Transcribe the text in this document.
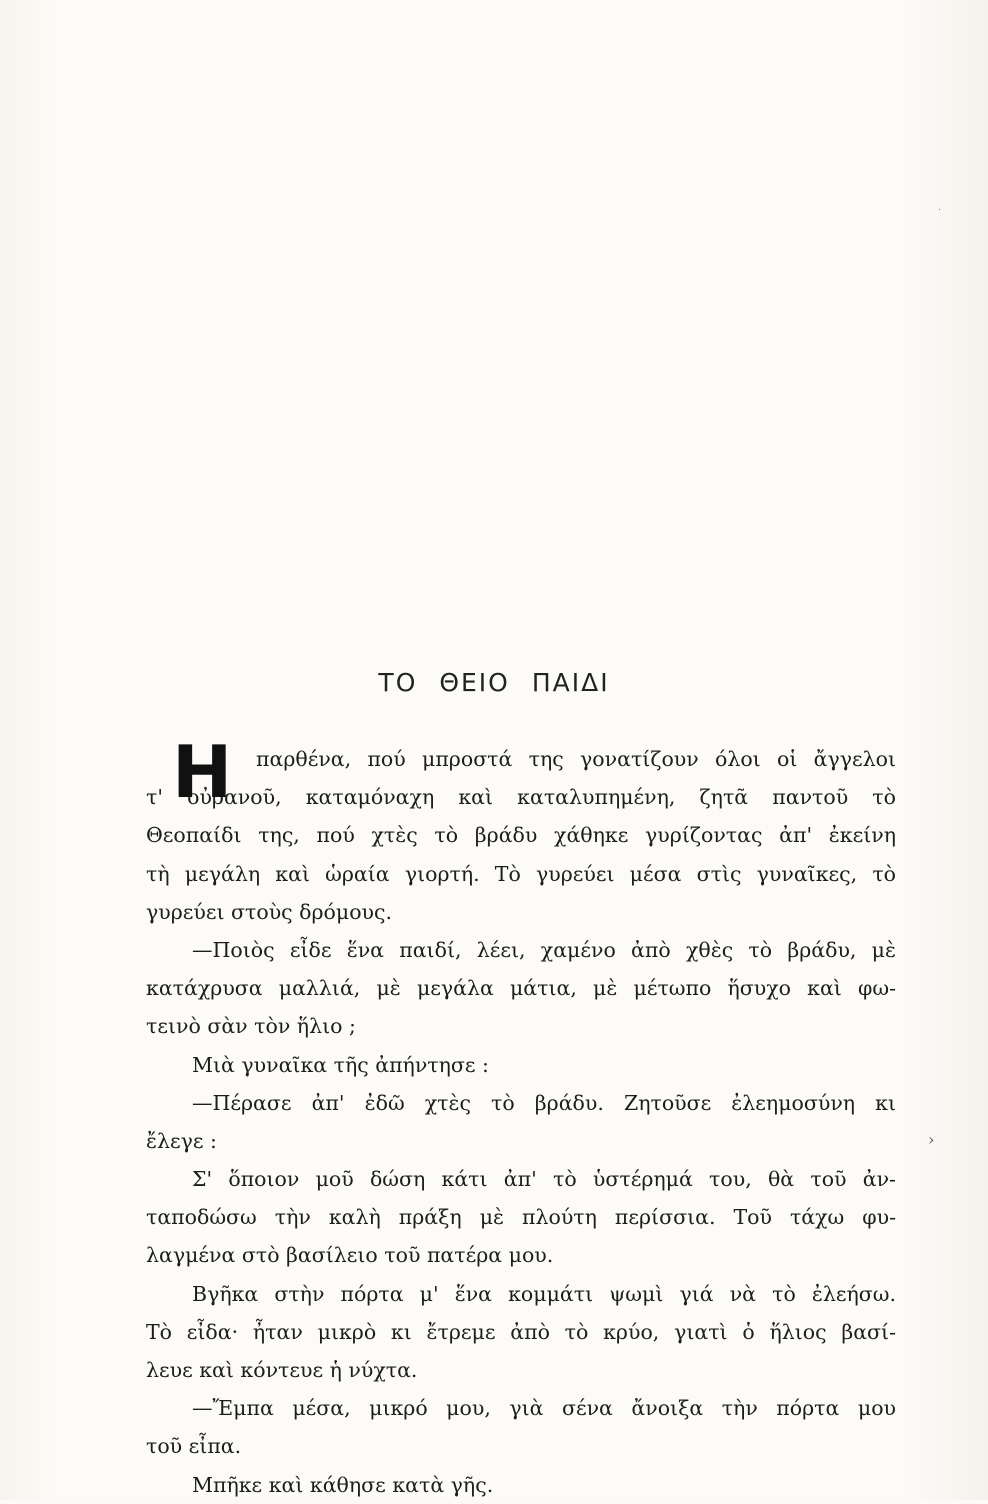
·
ΤΟ ΘΕΙΟ ΠΑΙΔΙ
Η	παρθένα, πού μπροστά της γονατίζουν όλοι οἱ ἄγγελοι
τ' οὐρανοῦ, καταμόναχη καὶ καταλυπημένη, ζητᾶ παντοῦ τὸ
Θεοπαίδι της, πού χτὲς τὸ βράδυ χάθηκε γυρίζοντας ἀπ' ἐκείνη
τὴ μεγάλη καὶ ὡραία γιορτή. Τὸ γυρεύει μέσα στὶς γυναῖκες, τὸ
γυρεύει στοὺς δρόμους.
—Ποιὸς εἶδε ἕνα παιδί, λέει, χαμένο ἀπὸ χθὲς τὸ βράδυ, μὲ
κατάχρυσα μαλλιά, μὲ μεγάλα μάτια, μὲ μέτωπο ἥσυχο καὶ φω-
τεινὸ σὰν τὸν ἥλιο ;
Μιὰ γυναῖκα τῆς ἀπήντησε :
—Πέρασε ἀπ' ἐδῶ χτὲς τὸ βράδυ. Ζητοῦσε ἐλεημοσύνη κι
ἔλεγε :
Σ' ὅποιον μοῦ δώση κάτι ἀπ' τὸ ὑστέρημά του, θὰ τοῦ ἀν-
ταποδώσω τὴν καλὴ πράξη μὲ πλούτη περίσσια. Τοῦ τάχω φυ-
λαγμένα στὸ βασίλειο τοῦ πατέρα μου.
Βγῆκα στὴν πόρτα μ' ἕνα κομμάτι ψωμὶ γιά νὰ τὸ ἐλεήσω.
Τὸ εἶδα· ἦταν μικρὸ κι ἔτρεμε ἀπὸ τὸ κρύο, γιατὶ ὁ ἥλιος βασί-
λευε καὶ κόντευε ἡ νύχτα.
—Ἔμπα μέσα, μικρό μου, γιὰ σένα ἄνοιξα τὴν πόρτα μου
τοῦ εἶπα.
Μπῆκε καὶ κάθησε κατὰ γῆς.
›
